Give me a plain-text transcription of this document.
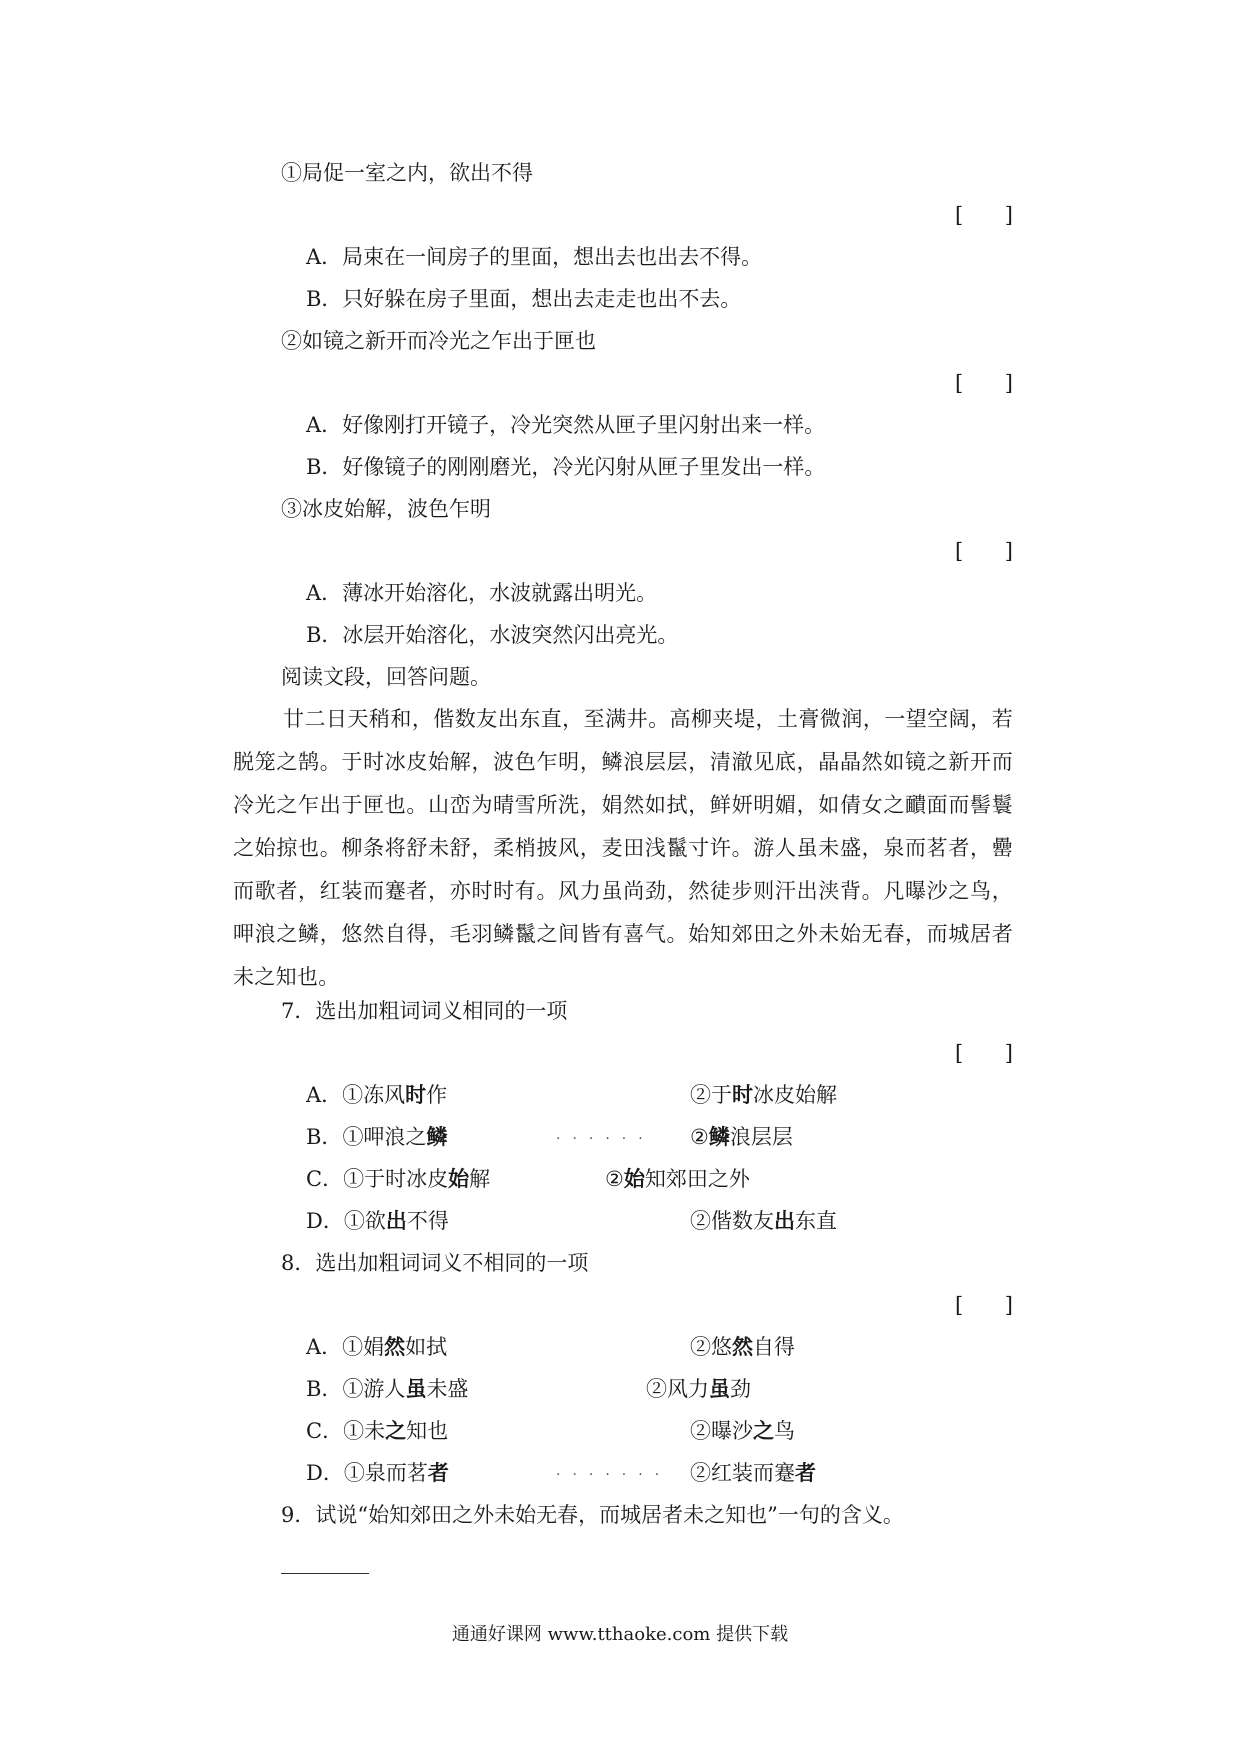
①局促一室之内，欲出不得
[ ]
A．局束在一间房子的里面，想出去也出去不得。
B．只好躲在房子里面，想出去走走也出不去。
②如镜之新开而冷光之乍出于匣也
[ ]
A．好像刚打开镜子，冷光突然从匣子里闪射出来一样。
B．好像镜子的刚刚磨光，冷光闪射从匣子里发出一样。
③冰皮始解，波色乍明
[ ]
A．薄冰开始溶化，水波就露出明光。
B．冰层开始溶化，水波突然闪出亮光。
阅读文段，回答问题。
廿二日天稍和，偕数友出东直，至满井。高柳夹堤，土膏微润，一望空阔，若脱笼之鹄。于时冰皮始解，波色乍明，鳞浪层层，清澈见底，晶晶然如镜之新开而冷光之乍出于匣也。山峦为晴雪所洗，娟然如拭，鲜妍明媚，如倩女之靧面而髻鬟之始掠也。柳条将舒未舒，柔梢披风，麦田浅鬣寸许。游人虽未盛，泉而茗者，罍而歌者，红装而蹇者，亦时时有。风力虽尚劲，然徒步则汗出浃背。凡曝沙之鸟，呷浪之鳞，悠然自得，毛羽鳞鬣之间皆有喜气。始知郊田之外未始无春，而城居者未之知也。
7．选出加粗词词义相同的一项
[ ]
A．①冻风时作	②于时冰皮始解
B．①呷浪之鳞	······ ②鳞浪层层
C．①于时冰皮始解	②始知郊田之外
D．①欲出不得	②偕数友出东直
8．选出加粗词词义不相同的一项
[ ]
A．①娟然如拭	②悠然自得
B．①游人虽未盛	②风力虽劲
C．①未之知也	②曝沙之鸟
D．①泉而茗者	······· ②红装而蹇者
9．试说“始知郊田之外未始无春，而城居者未之知也”一句的含义。
通通好课网 www.tthaoke.com 提供下载
